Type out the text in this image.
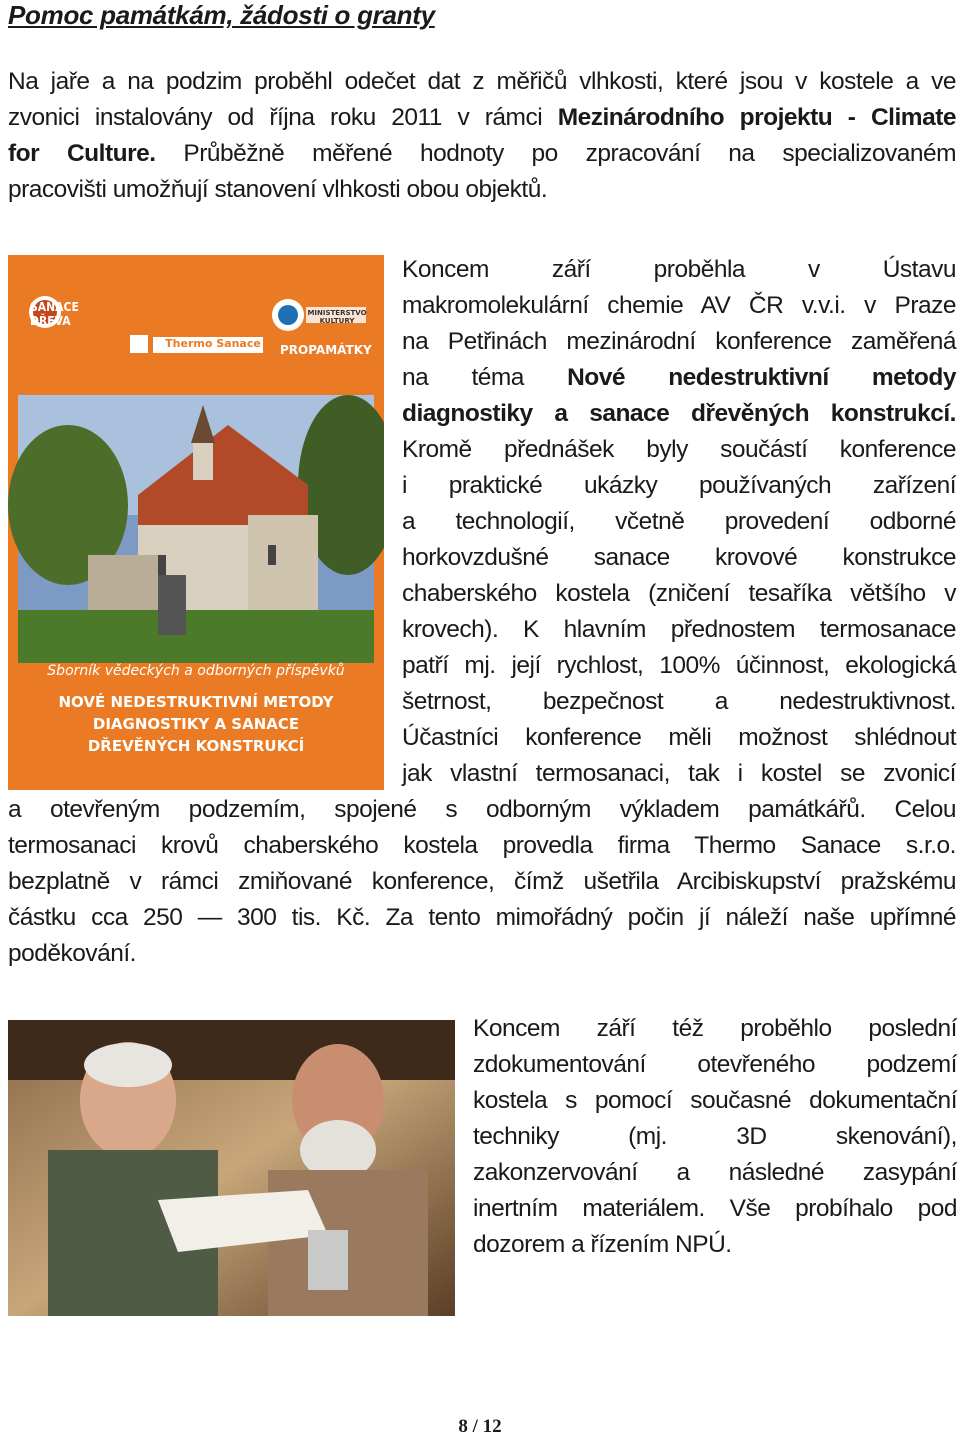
Pomoc památkám, žádosti o granty
Na jaře a na podzim proběhl odečet dat z měřičů vlhkosti, které jsou v kostele a ve
zvonici instalovány od října roku 2011 v rámci Mezinárodního projektu - Climate
for Culture. Průběžně měřené hodnoty po zpracování na specializovaném
pracovišti umožňují stanovení vlhkosti obou objektů.
SANACE DŘEVA
Thermo Sanace
MINISTERSTVO KULTURY
PROPAMÁTKY
Sborník vědeckých a odborných příspěvků
NOVÉ NEDESTRUKTIVNÍ METODY
DIAGNOSTIKY A SANACE
DŘEVĚNÝCH KONSTRUKCÍ
Koncem září proběhla v Ústavu
makromolekulární chemie AV ČR v.v.i. v Praze
na Petřinách mezinárodní konference zaměřená
na téma Nové nedestruktivní metody
diagnostiky a sanace dřevěných konstrukcí.
Kromě přednášek byly součástí konference
i praktické ukázky používaných zařízení
a technologií, včetně provedení odborné
horkovzdušné sanace krovové konstrukce
chaberského kostela (zničení tesaříka většího v
krovech). K hlavním přednostem termosanace
patří mj. její rychlost, 100% účinnost, ekologická
šetrnost, bezpečnost a nedestruktivnost.
Účastníci konference měli možnost shlédnout
jak vlastní termosanaci, tak i kostel se zvonicí
a otevřeným podzemím, spojené s odborným výkladem památkářů. Celou
termosanaci krovů chaberského kostela provedla firma Thermo Sanace s.r.o.
bezplatně v rámci zmiňované konference, čímž ušetřila Arcibiskupství pražskému
částku cca 250 — 300 tis. Kč. Za tento mimořádný počin jí náleží naše upřímné
poděkování.
Koncem září též proběhlo poslední
zdokumentování otevřeného podzemí
kostela s pomocí současné dokumentační
techniky (mj. 3D skenování),
zakonzervování a následné zasypání
inertním materiálem. Vše probíhalo pod
dozorem a řízením NPÚ.
8 / 12
